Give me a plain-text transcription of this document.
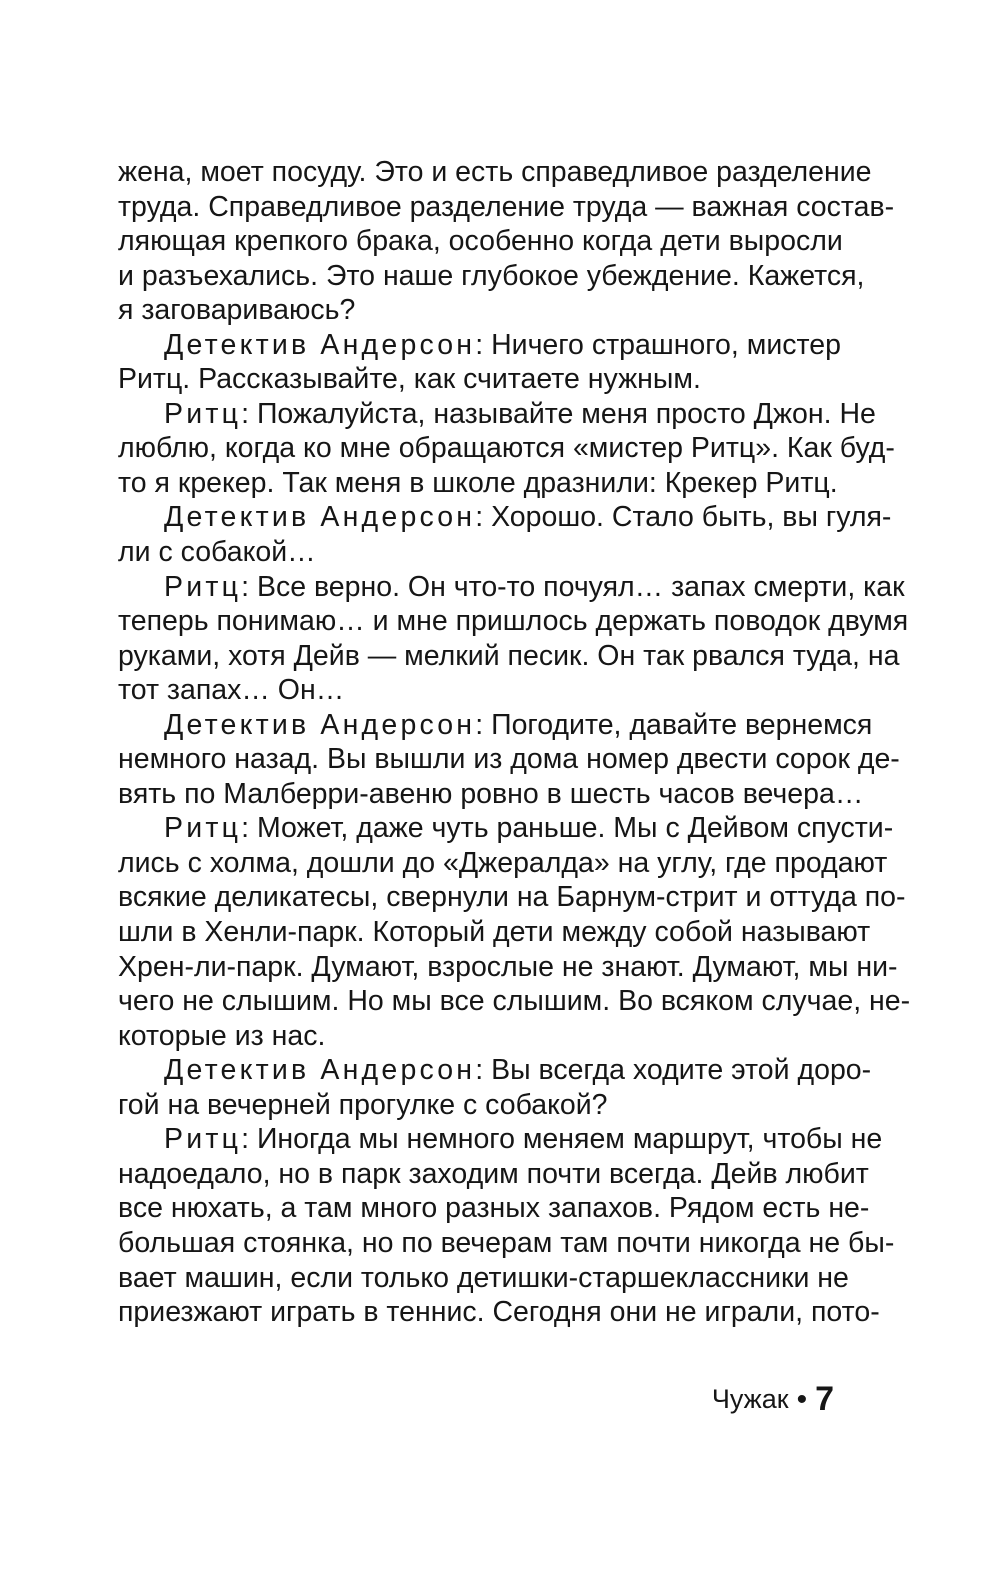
жена, моет посуду. Это и есть справедливое разделение
труда. Справедливое разделение труда — важная состав-
ляющая крепкого брака, особенно когда дети выросли
и разъехались. Это наше глубокое убеждение. Кажется,
я заговариваюсь?
Детектив Андерсон: Ничего страшного, мистер
Ритц. Рассказывайте, как считаете нужным.
Ритц: Пожалуйста, называйте меня просто Джон. Не
люблю, когда ко мне обращаются «мистер Ритц». Как буд-
то я крекер. Так меня в школе дразнили: Крекер Ритц.
Детектив Андерсон: Хорошо. Стало быть, вы гуля-
ли с собакой…
Ритц: Все верно. Он что-то почуял… запах смерти, как
теперь понимаю… и мне пришлось держать поводок двумя
руками, хотя Дейв — мелкий песик. Он так рвался туда, на
тот запах… Он…
Детектив Андерсон: Погодите, давайте вернемся
немного назад. Вы вышли из дома номер двести сорок де-
вять по Малберри-авеню ровно в шесть часов вечера…
Ритц: Может, даже чуть раньше. Мы с Дейвом спусти-
лись с холма, дошли до «Джералда» на углу, где продают
всякие деликатесы, свернули на Барнум-стрит и оттуда по-
шли в Хенли-парк. Который дети между собой называют
Хрен-ли-парк. Думают, взрослые не знают. Думают, мы ни-
чего не слышим. Но мы все слышим. Во всяком случае, не-
которые из нас.
Детектив Андерсон: Вы всегда ходите этой доро-
гой на вечерней прогулке с собакой?
Ритц: Иногда мы немного меняем маршрут, чтобы не
надоедало, но в парк заходим почти всегда. Дейв любит
все нюхать, а там много разных запахов. Рядом есть не-
большая стоянка, но по вечерам там почти никогда не бы-
вает машин, если только детишки-старшеклассники не
приезжают играть в теннис. Сегодня они не играли, пото-
Чужак • 7
